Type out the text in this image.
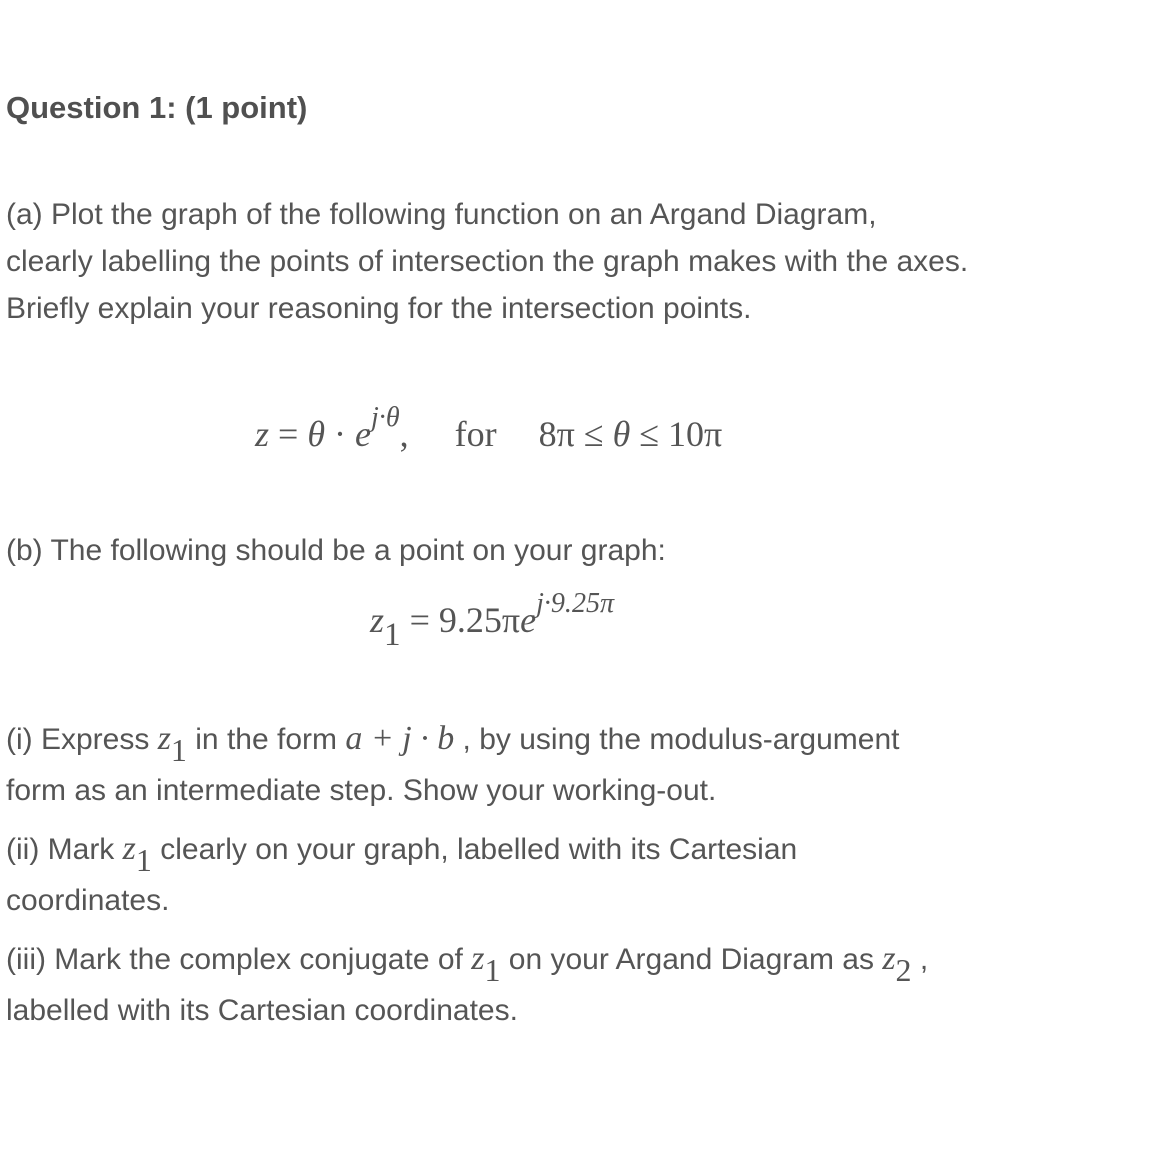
Question 1: (1 point)
(a) Plot the graph of the following function on an Argand Diagram,
clearly labelling the points of intersection the graph makes with the axes.
Briefly explain your reasoning for the intersection points.
$z = \theta \cdot e^{j\cdot\theta}$, for 8π ≤ θ ≤ 10π
(b) The following should be a point on your graph:
$z1 = 9.25\pi e^{j\cdot 9.25\pi}$
(i) Express z1 in the form a + j · b , by using the modulus-argument
form as an intermediate step. Show your working-out.
(ii) Mark z1 clearly on your graph, labelled with its Cartesian
coordinates.
(iii) Mark the complex conjugate of z1 on your Argand Diagram as z2 ,
labelled with its Cartesian coordinates.
